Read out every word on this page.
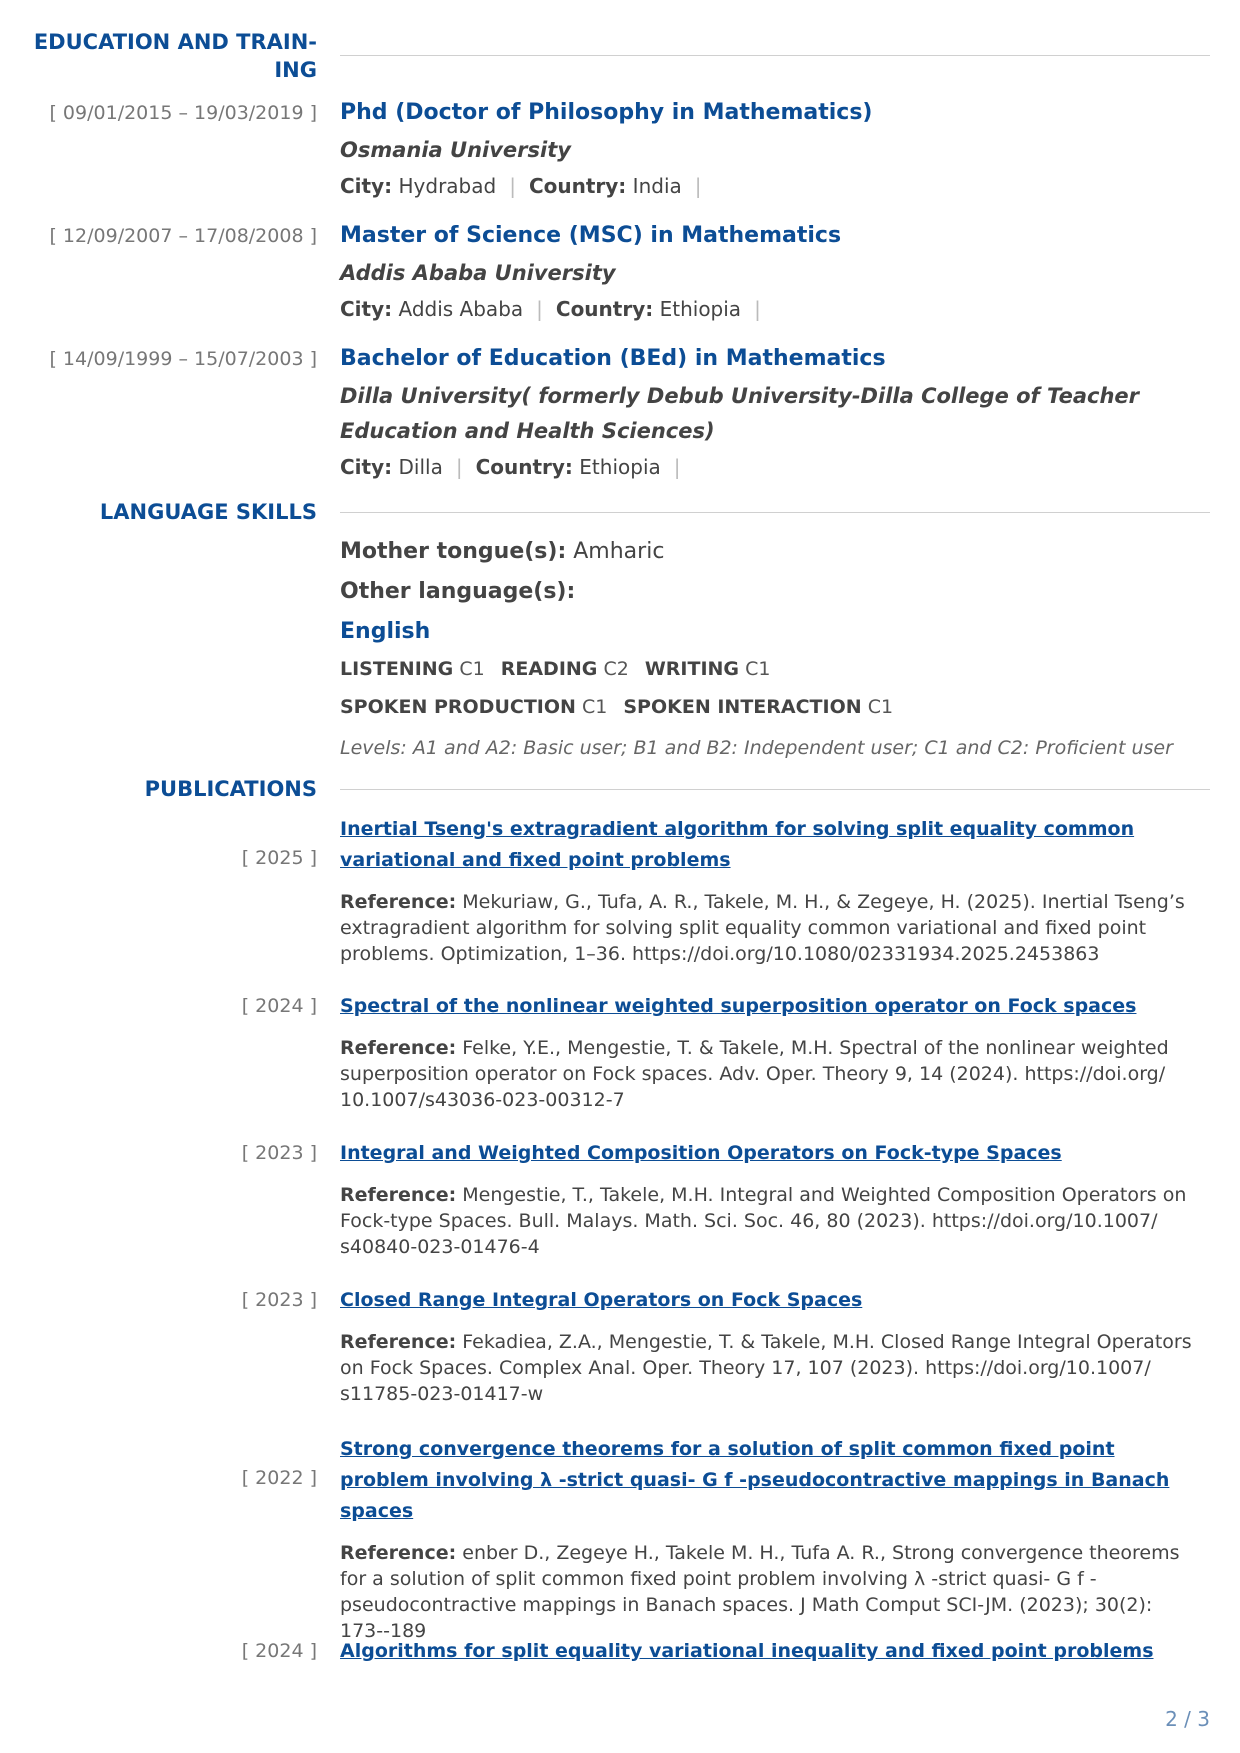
EDUCATION AND TRAIN-
ING
[ 09/01/2015 – 19/03/2019 ] Phd (Doctor of Philosophy in Mathematics)
Osmania University
City: Hydrabad | Country: India |
[ 12/09/2007 – 17/08/2008 ] Master of Science (MSC) in Mathematics
Addis Ababa University
City: Addis Ababa | Country: Ethiopia |
[ 14/09/1999 – 15/07/2003 ] Bachelor of Education (BEd) in Mathematics
Dilla University( formerly Debub University-Dilla College of Teacher Education and Health Sciences)
City: Dilla | Country: Ethiopia |
LANGUAGE SKILLS
Mother tongue(s): Amharic
Other language(s):
English
LISTENING C1 READING C2 WRITING C1
SPOKEN PRODUCTION C1 SPOKEN INTERACTION C1
Levels: A1 and A2: Basic user; B1 and B2: Independent user; C1 and C2: Proficient user
PUBLICATIONS
[ 2025 ]
Inertial Tseng's extragradient algorithm for solving split equality common variational and fixed point problems
Reference: Mekuriaw, G., Tufa, A. R., Takele, M. H., & Zegeye, H. (2025). Inertial Tseng’s extragradient algorithm for solving split equality common variational and fixed point problems. Optimization, 1–36. https://doi.org/10.1080/02331934.2025.2453863
[ 2024 ] Spectral of the nonlinear weighted superposition operator on Fock spaces
Reference: Felke, Y.E., Mengestie, T. & Takele, M.H. Spectral of the nonlinear weighted superposition operator on Fock spaces. Adv. Oper. Theory 9, 14 (2024). https://doi.org/ 10.1007/s43036-023-00312-7
[ 2023 ] Integral and Weighted Composition Operators on Fock-type Spaces
Reference: Mengestie, T., Takele, M.H. Integral and Weighted Composition Operators on Fock-type Spaces. Bull. Malays. Math. Sci. Soc. 46, 80 (2023). https://doi.org/10.1007/ s40840-023-01476-4
[ 2023 ] Closed Range Integral Operators on Fock Spaces
Reference: Fekadiea, Z.A., Mengestie, T. & Takele, M.H. Closed Range Integral Operators on Fock Spaces. Complex Anal. Oper. Theory 17, 107 (2023). https://doi.org/10.1007/ s11785-023-01417-w
[ 2022 ]
Strong convergence theorems for a solution of split common fixed point problem involving λ -strict quasi- G f -pseudocontractive mappings in Banach spaces
Reference: enber D., Zegeye H., Takele M. H., Tufa A. R., Strong convergence theorems for a solution of split common fixed point problem involving λ -strict quasi- G f - pseudocontractive mappings in Banach spaces. J Math Comput SCI-JM. (2023); 30(2): 173--189
[ 2024 ] Algorithms for split equality variational inequality and fixed point problems
2 / 3
